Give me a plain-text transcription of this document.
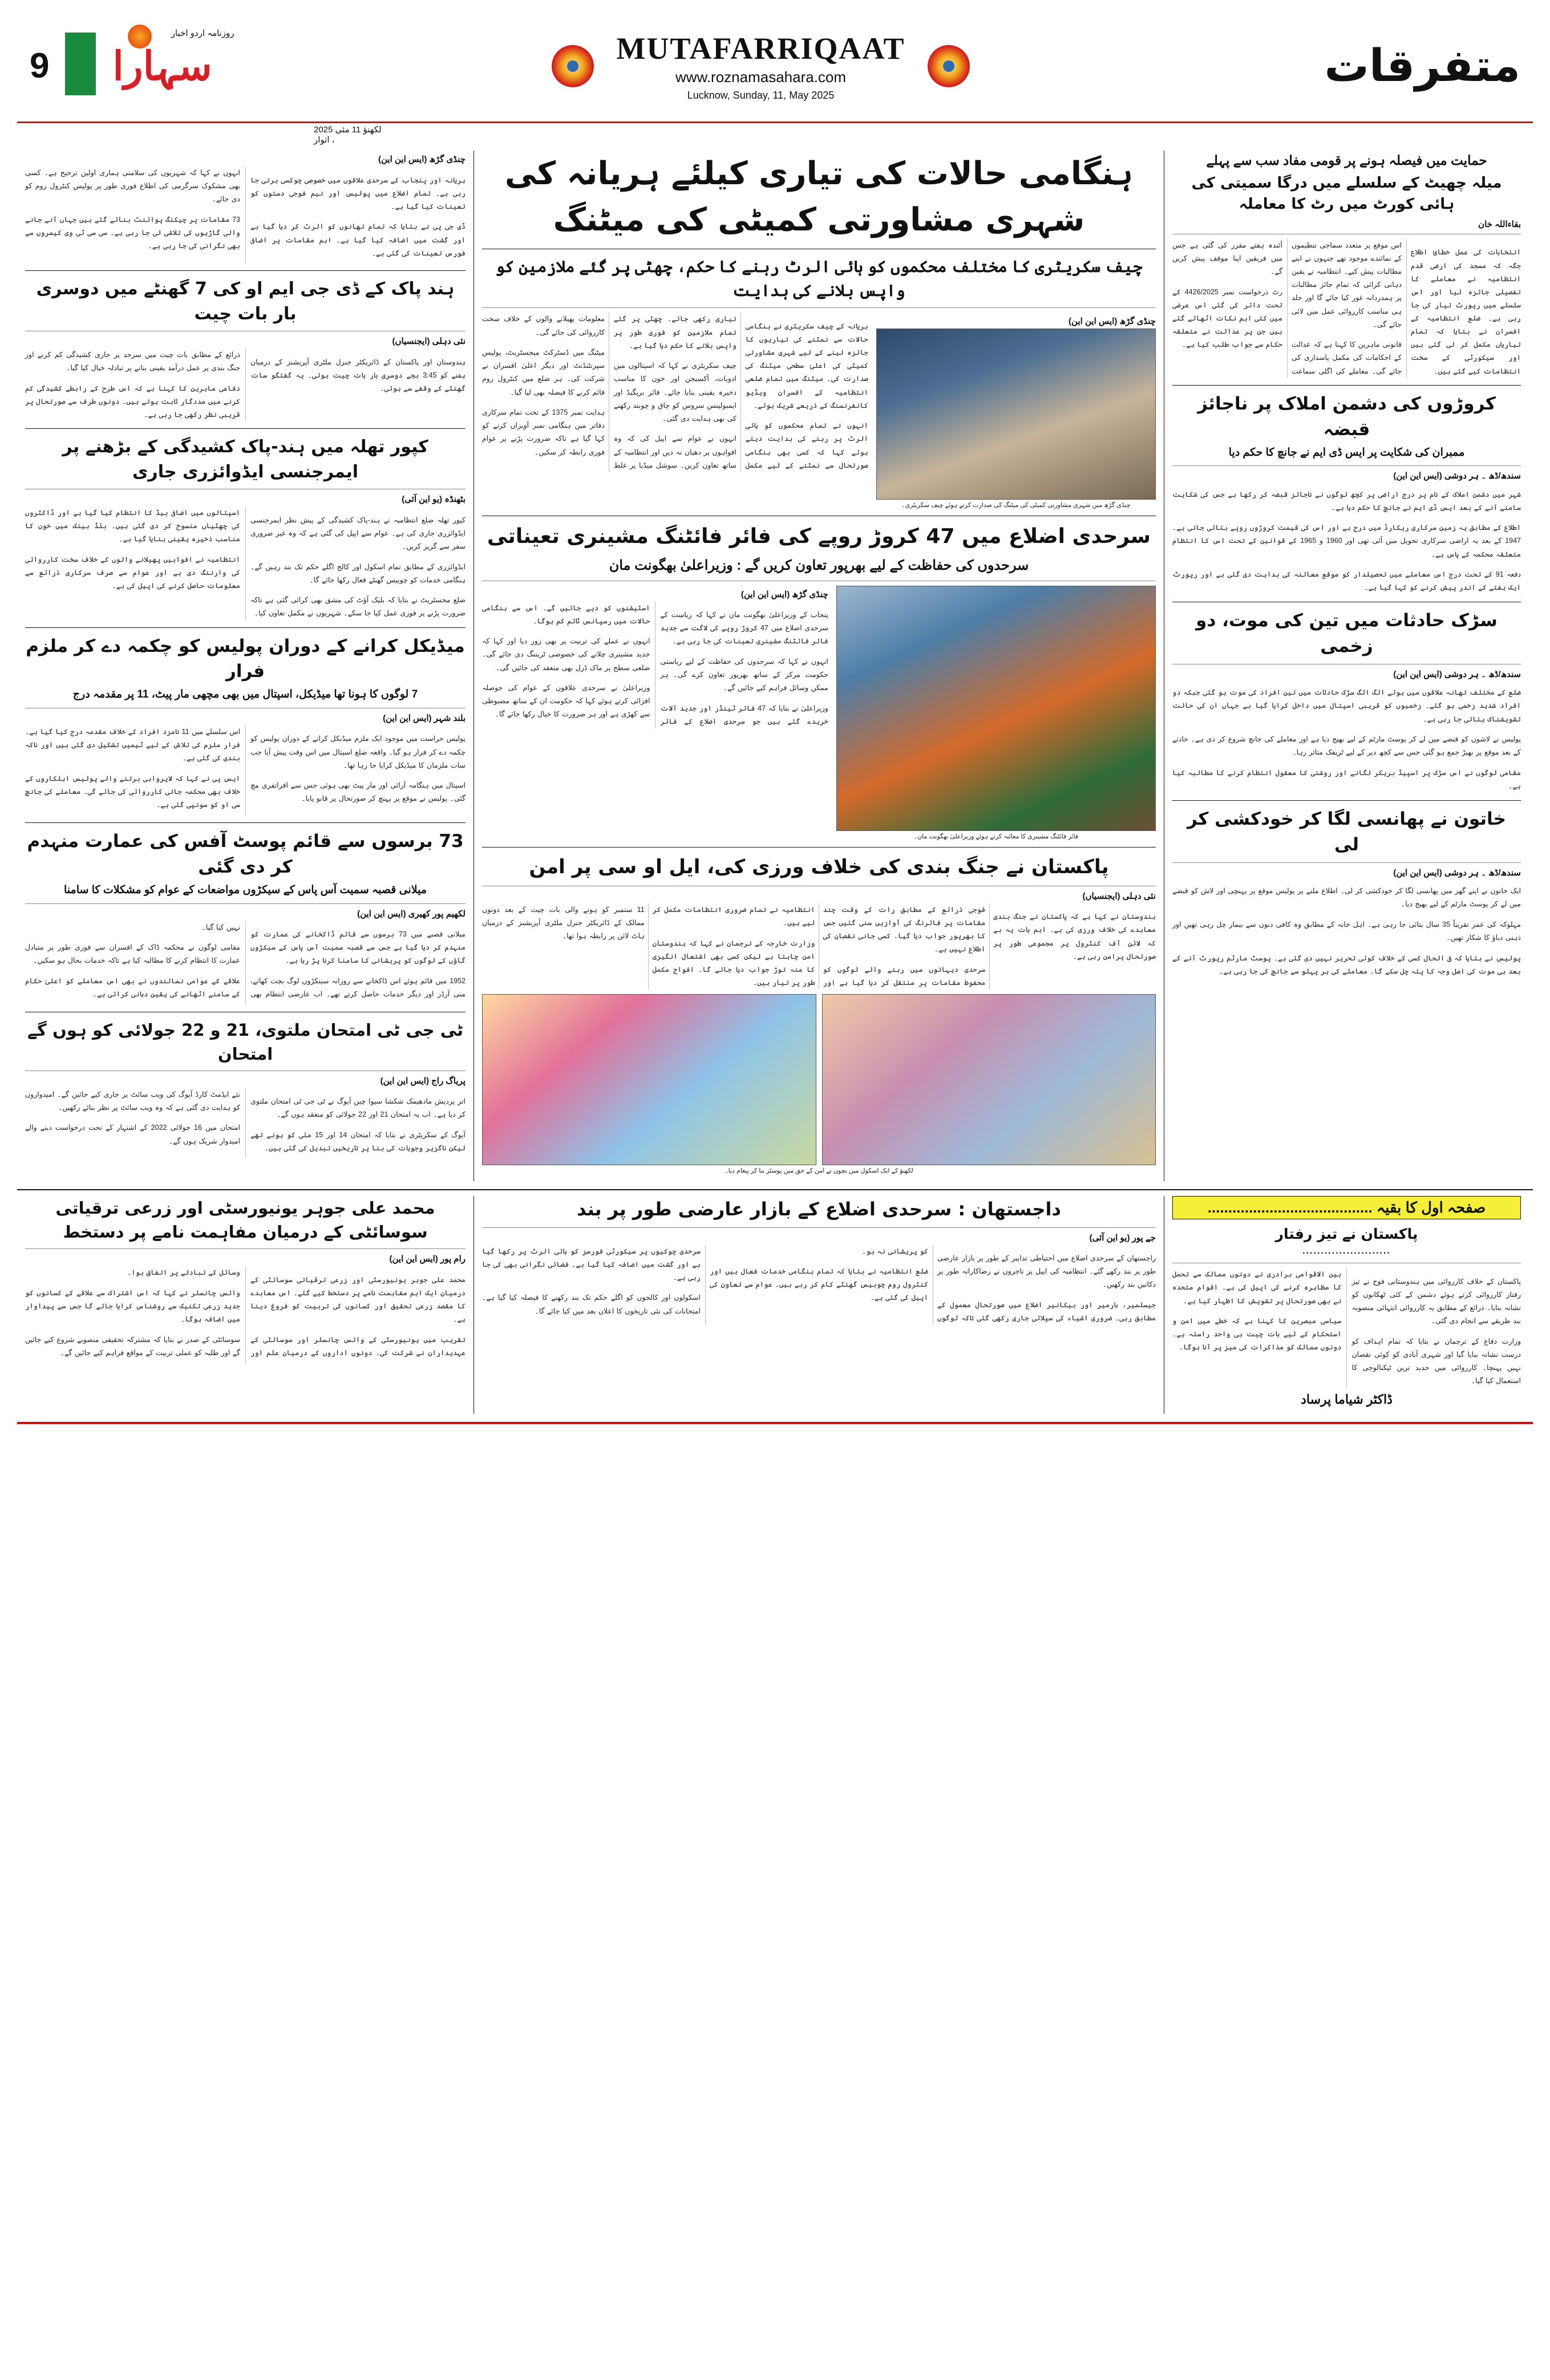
9 سہارا
روزنامہ اردو اخبار	MUTAFARRIQAAT
www.roznamasahara.com
Lucknow, Sunday, 11, May 2025
متفرقات
لکھنؤ 11 مئی 2025 ، اتوار
چنڈی گڑھ (ایس این این)

ہریانہ اور پنجاب کے سرحدی علاقوں میں خصوصی چوکسی برتی جا رہی ہے۔ تمام اضلاع میں پولیس اور نیم فوجی دستوں کو تعینات کیا گیا ہے۔

ڈی جی پی نے بتایا کہ تمام تھانوں کو الرٹ کر دیا گیا ہے اور گشت میں اضافہ کیا گیا ہے۔ اہم مقامات پر اضافی فورس تعینات کی گئی ہے۔

انہوں نے کہا کہ شہریوں کی سلامتی ہماری اولین ترجیح ہے۔ کسی بھی مشکوک سرگرمی کی اطلاع فوری طور پر پولیس کنٹرول روم کو دی جائے۔

73 مقامات پر چیکنگ پوائنٹ بنائے گئے ہیں جہاں آنے جانے والی گاڑیوں کی تلاشی لی جا رہی ہے۔ سی سی ٹی وی کیمروں سے بھی نگرانی کی جا رہی ہے۔

ہند پاک کے ڈی جی ایم او کی 7 گھنٹے میں دوسری بار بات چیت
نئی دہلی (ایجنسیاں)

ہندوستان اور پاکستان کے ڈائریکٹر جنرل ملٹری آپریشنز کے درمیان ہفتے کو 3:45 بجے دوسری بار بات چیت ہوئی۔ یہ گفتگو سات گھنٹے کے وقفے سے ہوئی۔

ذرائع کے مطابق بات چیت میں سرحد پر جاری کشیدگی کم کرنے اور جنگ بندی پر عمل درآمد یقینی بنانے پر تبادلہ خیال کیا گیا۔

دفاعی ماہرین کا کہنا ہے کہ اس طرح کے رابطے کشیدگی کم کرنے میں مددگار ثابت ہوتے ہیں۔ دونوں طرف سے صورتحال پر قریبی نظر رکھی جا رہی ہے۔

کپور تھلہ میں ہند-پاک کشیدگی کے بڑھنے پر ایمرجنسی ایڈوائزری جاری
بٹھنڈہ (یو این آئی)

کپور تھلہ ضلع انتظامیہ نے ہند-پاک کشیدگی کے پیش نظر ایمرجنسی ایڈوائزری جاری کی ہے۔ عوام سے اپیل کی گئی ہے کہ وہ غیر ضروری سفر سے گریز کریں۔

ایڈوائزری کے مطابق تمام اسکول اور کالج اگلے حکم تک بند رہیں گے۔ ہنگامی خدمات کو چوبیس گھنٹے فعال رکھا جائے گا۔

ضلع مجسٹریٹ نے بتایا کہ بلیک آؤٹ کی مشق بھی کرائی گئی ہے تاکہ ضرورت پڑنے پر فوری عمل کیا جا سکے۔ شہریوں نے مکمل تعاون کیا۔

اسپتالوں میں اضافی بیڈ کا انتظام کیا گیا ہے اور ڈاکٹروں کی چھٹیاں منسوخ کر دی گئی ہیں۔ بلڈ بینک میں خون کا مناسب ذخیرہ یقینی بنایا گیا ہے۔

انتظامیہ نے افواہیں پھیلانے والوں کے خلاف سخت کارروائی کی وارننگ دی ہے اور عوام سے صرف سرکاری ذرائع سے معلومات حاصل کرنے کی اپیل کی ہے۔

میڈیکل کرانے کے دوران پولیس کو چکمہ دے کر ملزم فرار
7 لوگوں کا ہونا تھا میڈیکل، اسپتال میں بھی مچھی مار پیٹ، 11 پر مقدمہ درج
بلند شہر (ایس این این)

پولیس حراست میں موجود ایک ملزم میڈیکل کرانے کے دوران پولیس کو چکمہ دے کر فرار ہو گیا۔ واقعہ ضلع اسپتال میں اس وقت پیش آیا جب سات ملزمان کا میڈیکل کرایا جا رہا تھا۔

اسپتال میں ہنگامہ آرائی اور مار پیٹ بھی ہوئی جس سے افراتفری مچ گئی۔ پولیس نے موقع پر پہنچ کر صورتحال پر قابو پایا۔

اس سلسلے میں 11 نامزد افراد کے خلاف مقدمہ درج کیا گیا ہے۔ فرار ملزم کی تلاش کے لیے ٹیمیں تشکیل دی گئی ہیں اور ناکہ بندی کی گئی ہے۔

ایس پی نے کہا کہ لاپرواہی برتنے والے پولیس اہلکاروں کے خلاف بھی محکمہ جاتی کارروائی کی جائے گی۔ معاملے کی جانچ سی او کو سونپی گئی ہے۔

73 برسوں سے قائم پوسٹ آفس کی عمارت منہدم کر دی گئی
میلانی قصبہ سمیت آس پاس کے سیکڑوں مواضعات کے عوام کو مشکلات کا سامنا
لکھیم پور کھیری (ایس این این)

میلانی قصبے میں 73 برسوں سے قائم ڈاکخانے کی عمارت کو منہدم کر دیا گیا ہے جس سے قصبہ سمیت آس پاس کے سیکڑوں گاؤں کے لوگوں کو پریشانی کا سامنا کرنا پڑ رہا ہے۔

1952 میں قائم ہوئے اس ڈاکخانے سے روزانہ سینکڑوں لوگ بچت کھاتے، منی آرڈر اور دیگر خدمات حاصل کرتے تھے۔ اب عارضی انتظام بھی نہیں کیا گیا۔

مقامی لوگوں نے محکمہ ڈاک کے افسران سے فوری طور پر متبادل عمارت کا انتظام کرنے کا مطالبہ کیا ہے تاکہ خدمات بحال ہو سکیں۔

علاقے کے عوامی نمائندوں نے بھی اس معاملے کو اعلیٰ حکام کے سامنے اٹھانے کی یقین دہانی کرائی ہے۔

ٹی جی ٹی امتحان ملتوی، 21 و 22 جولائی کو ہوں گے امتحان
پریاگ راج (ایس این این)

اتر پردیش مادھیمک شکشا سیوا چین آیوگ نے ٹی جی ٹی امتحان ملتوی کر دیا ہے۔ اب یہ امتحان 21 اور 22 جولائی کو منعقد ہوں گے۔

آیوگ کے سکریٹری نے بتایا کہ امتحان 14 اور 15 مئی کو ہونے تھے لیکن ناگزیر وجوہات کی بنا پر تاریخیں تبدیل کی گئی ہیں۔

نئے ایڈمٹ کارڈ آیوگ کی ویب سائٹ پر جاری کیے جائیں گے۔ امیدواروں کو ہدایت دی گئی ہے کہ وہ ویب سائٹ پر نظر بنائے رکھیں۔

امتحان میں 16 جولائی 2022 کے اشتہار کے تحت درخواست دینے والے امیدوار شریک ہوں گے۔

ہنگامی حالات کی تیاری کیلئے ہریانہ کی شہری مشاورتی کمیٹی کی میٹنگ
چیف سکریٹری کا مختلف محکموں کو ہائی الرٹ رہنے کا حکم، چھٹی پر گئے ملازمین کو واپس بلانے کی ہدایت

ہریانہ کے چیف سکریٹری نے ہنگامی حالات سے نمٹنے کی تیاریوں کا جائزہ لینے کے لیے شہری مشاورتی کمیٹی کی اعلیٰ سطحی میٹنگ کی صدارت کی۔ میٹنگ میں تمام ضلعی انتظامیہ کے افسران ویڈیو کانفرنسنگ کے ذریعے شریک ہوئے۔

انہوں نے تمام محکموں کو ہائی الرٹ پر رہنے کی ہدایت دیتے ہوئے کہا کہ کسی بھی ہنگامی صورتحال سے نمٹنے کے لیے مکمل تیاری رکھی جائے۔ چھٹی پر گئے تمام ملازمین کو فوری طور پر واپس بلانے کا حکم دیا گیا ہے۔

چیف سکریٹری نے کہا کہ اسپتالوں میں ادویات، آکسیجن اور خون کا مناسب ذخیرہ یقینی بنایا جائے۔ فائر بریگیڈ اور ایمبولینس سروس کو چاق و چوبند رکھنے کی بھی ہدایت دی گئی۔

انہوں نے عوام سے اپیل کی کہ وہ افواہوں پر دھیان نہ دیں اور انتظامیہ کے ساتھ تعاون کریں۔ سوشل میڈیا پر غلط معلومات پھیلانے والوں کے خلاف سخت کارروائی کی جائے گی۔

میٹنگ میں ڈسٹرکٹ میجسٹریٹ، پولیس سپرنٹنڈنٹ اور دیگر اعلیٰ افسران نے شرکت کی۔ ہر ضلع میں کنٹرول روم قائم کرنے کا فیصلہ بھی لیا گیا۔

ہدایت نمبر 1375 کے تحت تمام سرکاری دفاتر میں ہنگامی نمبر آویزاں کرنے کو کہا گیا ہے تاکہ ضرورت پڑنے پر عوام فوری رابطہ کر سکیں۔

چنڈی گڑھ (ایس این این)
چنڈی گڑھ میں شہری مشاورتی کمیٹی کی میٹنگ کی صدارت کرتے ہوئے چیف سکریٹری۔
سرحدی اضلاع میں 47 کروڑ روپے کی فائر فائٹنگ مشینری تعیناتی
سرحدوں کی حفاظت کے لیے بھرپور تعاون کریں گے : وزیراعلیٰ بھگونت مان
چنڈی گڑھ (ایس این این)

پنجاب کے وزیراعلیٰ بھگونت مان نے کہا کہ ریاست کے سرحدی اضلاع میں 47 کروڑ روپے کی لاگت سے جدید فائر فائٹنگ مشینری تعینات کی جا رہی ہے۔

انہوں نے کہا کہ سرحدوں کی حفاظت کے لیے ریاستی حکومت مرکز کے ساتھ بھرپور تعاون کرے گی۔ ہر ممکن وسائل فراہم کیے جائیں گے۔

وزیراعلیٰ نے بتایا کہ 47 فائر ٹینڈر اور جدید آلات خریدے گئے ہیں جو سرحدی اضلاع کے فائر اسٹیشنوں کو دیے جائیں گے۔ اس سے ہنگامی حالات میں رسپانس ٹائم کم ہوگا۔

انہوں نے عملے کی تربیت پر بھی زور دیا اور کہا کہ جدید مشینری چلانے کی خصوصی ٹریننگ دی جائے گی۔ ضلعی سطح پر ماک ڈرل بھی منعقد کی جائیں گی۔

وزیراعلیٰ نے سرحدی علاقوں کے عوام کی حوصلہ افزائی کرتے ہوئے کہا کہ حکومت ان کے ساتھ مضبوطی سے کھڑی ہے اور ہر ضرورت کا خیال رکھا جائے گا۔

فائر فائٹنگ مشینری کا معائنہ کرتے ہوئے وزیراعلیٰ بھگونت مان۔
پاکستان نے جنگ بندی کی خلاف ورزی کی، ایل او سی پر امن
نئی دہلی (ایجنسیاں)

ہندوستان نے کہا ہے کہ پاکستان نے جنگ بندی معاہدے کی خلاف ورزی کی ہے۔ اہم بات یہ ہے کہ لائن آف کنٹرول پر مجموعی طور پر صورتحال پرامن رہی ہے۔

فوجی ذرائع کے مطابق رات کے وقت چند مقامات پر فائرنگ کی آوازیں سنی گئیں جس کا بھرپور جواب دیا گیا۔ کسی جانی نقصان کی اطلاع نہیں ہے۔

سرحدی دیہاتوں میں رہنے والے لوگوں کو محفوظ مقامات پر منتقل کر دیا گیا ہے اور انتظامیہ نے تمام ضروری انتظامات مکمل کر لیے ہیں۔

وزارت خارجہ کے ترجمان نے کہا کہ ہندوستان امن چاہتا ہے لیکن کسی بھی اشتعال انگیزی کا منہ توڑ جواب دیا جائے گا۔ افواج مکمل طور پر تیار ہیں۔

11 ستمبر کو ہونے والی بات چیت کے بعد دونوں ممالک کے ڈائریکٹر جنرل ملٹری آپریشنز کے درمیان ہاٹ لائن پر رابطہ ہوا تھا۔

لکھنؤ کے ایک اسکول میں بچوں نے امن کے حق میں پوسٹر بنا کر پیغام دیا۔
حمایت میں فیصلہ ہونے پر قومی مفاد سب سے پہلے
میلہ چھیٹ کے سلسلے میں درگا سمیتی کی ہائی کورٹ میں رٹ کا معاملہ
بقاءاللہ خان

انتخابات کی عمل خطائ اطلاع جگہ کہ مسجد کی ارضی قدم انتظامیہ نے معاملے کا تفصیلی جائزہ لیا اور اس سلسلے میں رپورٹ تیار کی جا رہی ہے۔ ضلع انتظامیہ کے افسران نے بتایا کہ تمام تیاریاں مکمل کر لی گئی ہیں اور سیکورٹی کے سخت انتظامات کیے گئے ہیں۔

اس موقع پر متعدد سماجی تنظیموں کے نمائندے موجود تھے جنہوں نے اپنے مطالبات پیش کیے۔ انتظامیہ نے یقین دہانی کرائی کہ تمام جائز مطالبات پر ہمدردانہ غور کیا جائے گا اور جلد ہی مناسب کارروائی عمل میں لائی جائے گی۔

قانونی ماہرین کا کہنا ہے کہ عدالت کے احکامات کی مکمل پاسداری کی جائے گی۔ معاملے کی اگلی سماعت آئندہ ہفتے مقرر کی گئی ہے جس میں فریقین اپنا موقف پیش کریں گے۔

رٹ درخواست نمبر 4426/2025 کے تحت دائر کی گئی اس عرضی میں کئی اہم نکات اٹھائے گئے ہیں جن پر عدالت نے متعلقہ حکام سے جواب طلب کیا ہے۔

کروڑوں کی دشمن املاک پر ناجائز قبضہ
ممبران کی شکایت پر ایس ڈی ایم نے جانچ کا حکم دیا
سندھ/ڈھ ۔ ہر دوشی (ایس این این)

شہر میں دشمن املاک کے نام پر درج اراضی پر کچھ لوگوں نے ناجائز قبضہ کر رکھا ہے جس کی شکایت سامنے آنے کے بعد ایس ڈی ایم نے جانچ کا حکم دیا ہے۔

اطلاع کے مطابق یہ زمین سرکاری ریکارڈ میں درج ہے اور اس کی قیمت کروڑوں روپے بتائی جاتی ہے۔ 1947 کے بعد یہ اراضی سرکاری تحویل میں آئی تھی اور 1960 و 1965 کے قوانین کے تحت اس کا انتظام متعلقہ محکمہ کے پاس ہے۔

دفعہ 91 کے تحت درج اس معاملے میں تحصیلدار کو موقع معائنہ کی ہدایت دی گئی ہے اور رپورٹ ایک ہفتے کے اندر پیش کرنے کو کہا گیا ہے۔

سڑک حادثات میں تین کی موت، دو زخمی
سندھ/ڈھ ۔ ہر دوشی (ایس این این)

ضلع کے مختلف تھانہ علاقوں میں ہوئے الگ الگ سڑک حادثات میں تین افراد کی موت ہو گئی جبکہ دو افراد شدید زخمی ہو گئے۔ زخمیوں کو قریبی اسپتال میں داخل کرایا گیا ہے جہاں ان کی حالت تشویشناک بتائی جا رہی ہے۔

پولیس نے لاشوں کو قبضے میں لے کر پوسٹ مارٹم کے لیے بھیج دیا ہے اور معاملے کی جانچ شروع کر دی ہے۔ حادثے کے بعد موقع پر بھیڑ جمع ہو گئی جس سے کچھ دیر کے لیے ٹریفک متاثر رہا۔

مقامی لوگوں نے اس سڑک پر اسپیڈ بریکر لگانے اور روشنی کا معقول انتظام کرنے کا مطالبہ کیا ہے۔

خاتون نے پھانسی لگا کر خودکشی کر لی
سندھ/ڈھ ۔ ہر دوشی (ایس این این)

ایک خاتون نے اپنے گھر میں پھانسی لگا کر خودکشی کر لی۔ اطلاع ملنے پر پولیس موقع پر پہنچی اور لاش کو قبضے میں لے کر پوسٹ مارٹم کے لیے بھیج دیا۔

مہلوکہ کی عمر تقریباً 35 سال بتائی جا رہی ہے۔ اہل خانہ کے مطابق وہ کافی دنوں سے بیمار چل رہی تھیں اور ذہنی دباؤ کا شکار تھیں۔

پولیس نے بتایا کہ فی الحال کسی کے خلاف کوئی تحریر نہیں دی گئی ہے۔ پوسٹ مارٹم رپورٹ آنے کے بعد ہی موت کی اصل وجہ کا پتہ چل سکے گا۔ معاملے کی ہر پہلو سے جانچ کی جا رہی ہے۔

محمد علی جوہر یونیورسٹی اور زرعی ترقیاتی سوسائٹی کے درمیان مفاہمت نامے پر دستخط
رام پور (ایس این این)

محمد علی جوہر یونیورسٹی اور زرعی ترقیاتی سوسائٹی کے درمیان ایک اہم مفاہمت نامے پر دستخط کیے گئے۔ اس معاہدے کا مقصد زرعی تحقیق اور کسانوں کی تربیت کو فروغ دینا ہے۔

تقریب میں یونیورسٹی کے وائس چانسلر اور سوسائٹی کے عہدیداران نے شرکت کی۔ دونوں اداروں کے درمیان علم اور وسائل کے تبادلے پر اتفاق ہوا۔

وائس چانسلر نے کہا کہ اس اشتراک سے علاقے کے کسانوں کو جدید زرعی تکنیک سے روشناس کرایا جائے گا جس سے پیداوار میں اضافہ ہوگا۔

سوسائٹی کے صدر نے بتایا کہ مشترکہ تحقیقی منصوبے شروع کیے جائیں گے اور طلبہ کو عملی تربیت کے مواقع فراہم کیے جائیں گے۔

داجستھان : سرحدی اضلاع کے بازار عارضی طور پر بند
جے پور (یو این آئی)

راجستھان کے سرحدی اضلاع میں احتیاطی تدابیر کے طور پر بازار عارضی طور پر بند رکھے گئے۔ انتظامیہ کی اپیل پر تاجروں نے رضاکارانہ طور پر دکانیں بند رکھیں۔

جیسلمیر، بارمیر اور بیکانیر اضلاع میں صورتحال معمول کے مطابق رہی۔ ضروری اشیاء کی سپلائی جاری رکھی گئی تاکہ لوگوں کو پریشانی نہ ہو۔

ضلع انتظامیہ نے بتایا کہ تمام ہنگامی خدمات فعال ہیں اور کنٹرول روم چوبیس گھنٹے کام کر رہے ہیں۔ عوام سے تعاون کی اپیل کی گئی ہے۔

سرحدی چوکیوں پر سیکورٹی فورسز کو ہائی الرٹ پر رکھا گیا ہے اور گشت میں اضافہ کیا گیا ہے۔ فضائی نگرانی بھی کی جا رہی ہے۔

اسکولوں اور کالجوں کو اگلے حکم تک بند رکھنے کا فیصلہ کیا گیا ہے۔ امتحانات کی نئی تاریخوں کا اعلان بعد میں کیا جائے گا۔

صفحہ اول کا بقیہ ........................................
پاکستان نے تیز رفتار
........................

پاکستان کے خلاف کارروائی میں ہندوستانی فوج نے تیز رفتار کارروائی کرتے ہوئے دشمن کے کئی ٹھکانوں کو نشانہ بنایا۔ ذرائع کے مطابق یہ کارروائی انتہائی منصوبہ بند طریقے سے انجام دی گئی۔

وزارت دفاع کے ترجمان نے بتایا کہ تمام اہداف کو درست نشانہ بنایا گیا اور شہری آبادی کو کوئی نقصان نہیں پہنچا۔ کارروائی میں جدید ترین ٹیکنالوجی کا استعمال کیا گیا۔

بین الاقوامی برادری نے دونوں ممالک سے تحمل کا مظاہرہ کرنے کی اپیل کی ہے۔ اقوام متحدہ نے بھی صورتحال پر تشویش کا اظہار کیا ہے۔

سیاسی مبصرین کا کہنا ہے کہ خطے میں امن و استحکام کے لیے بات چیت ہی واحد راستہ ہے۔ دونوں ممالک کو مذاکرات کی میز پر آنا ہوگا۔

ڈاکٹر شیاما پرساد
